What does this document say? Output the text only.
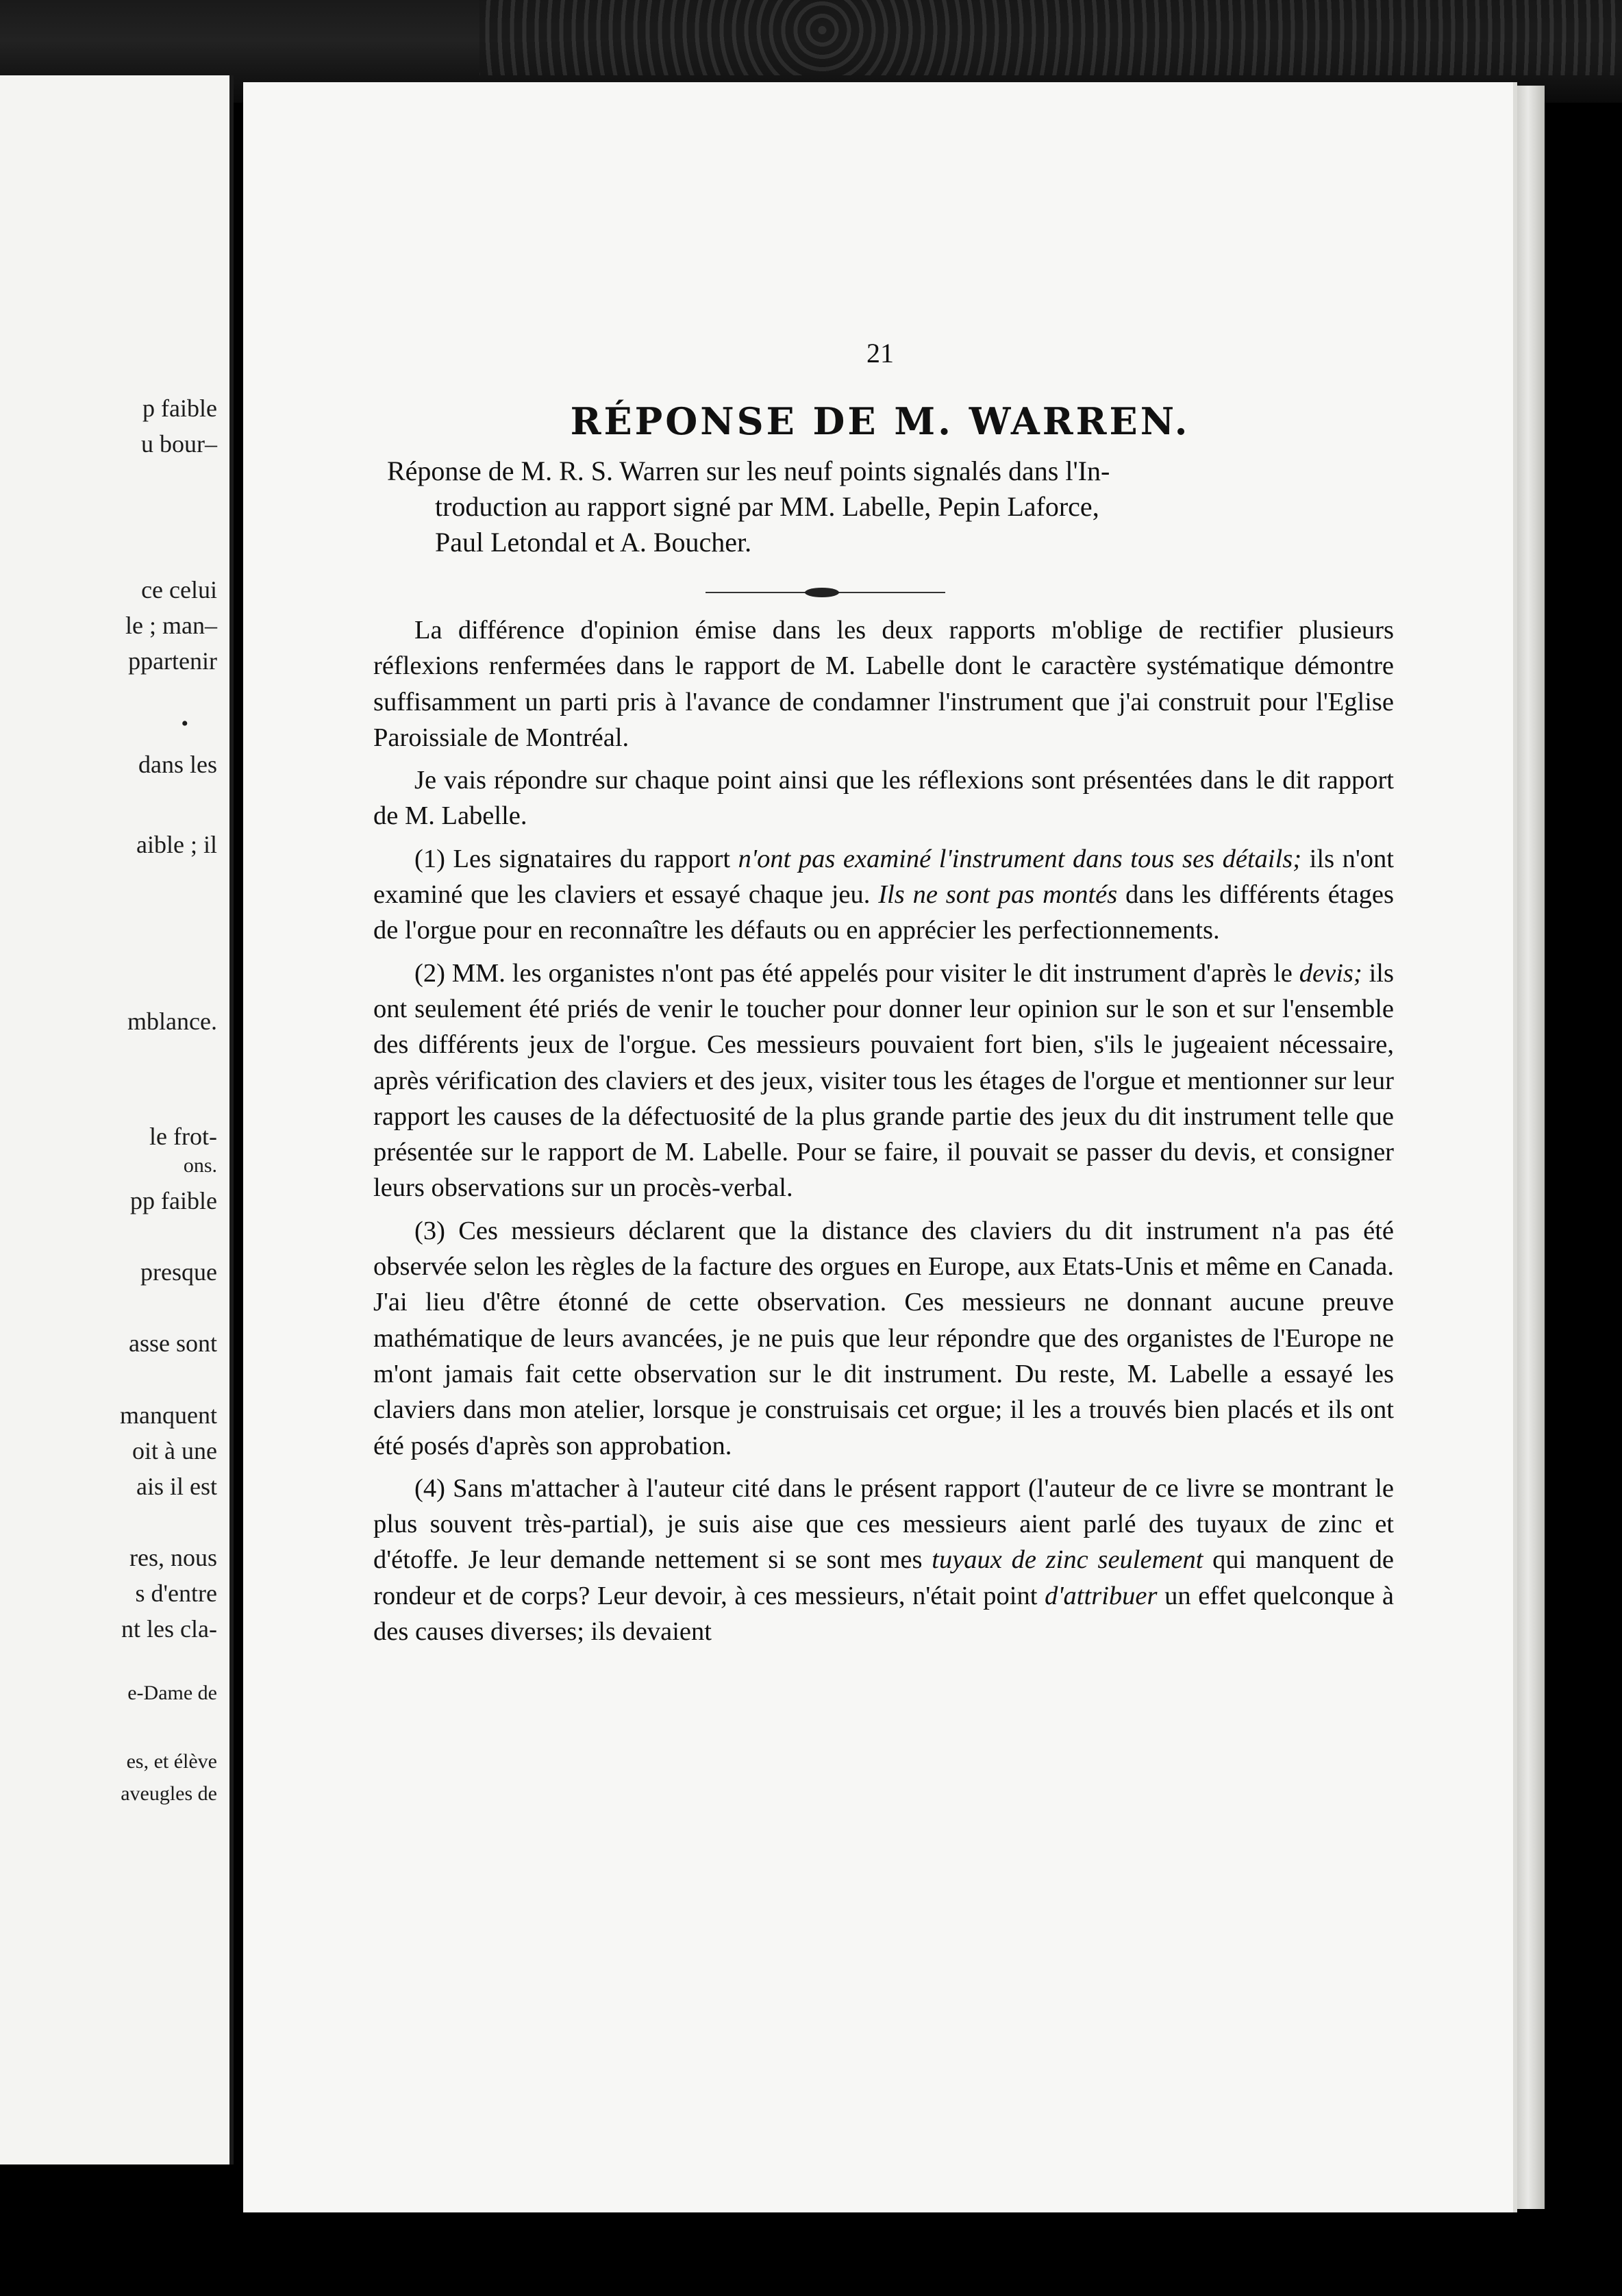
p faible
u bour–
ce celui
le ; man–
ppartenir
•
dans les
aible ; il
mblance.
le frot-
ons.
pp faible
presque
asse sont
manquent
oit à une
ais il est
res, nous
s d'entre
nt les cla-
e-Dame de
es, et élève
aveugles de
21
RÉPONSE DE M. WARREN.
Réponse de M. R. S. Warren sur les neuf points signalés dans l'In-
troduction au rapport signé par MM. Labelle, Pepin Laforce,
Paul Letondal et A. Boucher.

La différence d'opinion émise dans les deux rapports m'oblige de rectifier plusieurs réflexions renfermées dans le rapport de M. Labelle dont le caractère systématique démontre suffisamment un parti pris à l'avance de condamner l'instrument que j'ai construit pour l'Eglise Paroissiale de Montréal.

Je vais répondre sur chaque point ainsi que les réflexions sont présentées dans le dit rapport de M. Labelle.

(1) Les signataires du rapport n'ont pas examiné l'instrument dans tous ses détails; ils n'ont examiné que les claviers et essayé chaque jeu. Ils ne sont pas montés dans les différents étages de l'orgue pour en reconnaître les défauts ou en apprécier les perfectionnements.

(2) MM. les organistes n'ont pas été appelés pour visiter le dit instrument d'après le devis; ils ont seulement été priés de venir le toucher pour donner leur opinion sur le son et sur l'ensemble des différents jeux de l'orgue. Ces messieurs pouvaient fort bien, s'ils le jugeaient nécessaire, après vérification des claviers et des jeux, visiter tous les étages de l'orgue et mentionner sur leur rapport les causes de la défectuosité de la plus grande partie des jeux du dit instrument telle que présentée sur le rapport de M. Labelle. Pour se faire, il pouvait se passer du devis, et consigner leurs observations sur un procès-verbal.

(3) Ces messieurs déclarent que la distance des claviers du dit instrument n'a pas été observée selon les règles de la facture des orgues en Europe, aux Etats-Unis et même en Canada. J'ai lieu d'être étonné de cette observation. Ces messieurs ne donnant aucune preuve mathématique de leurs avancées, je ne puis que leur répondre que des organistes de l'Europe ne m'ont jamais fait cette observation sur le dit instrument. Du reste, M. Labelle a essayé les claviers dans mon atelier, lorsque je construisais cet orgue; il les a trouvés bien placés et ils ont été posés d'après son approbation.

(4) Sans m'attacher à l'auteur cité dans le présent rapport (l'auteur de ce livre se montrant le plus souvent très-partial), je suis aise que ces messieurs aient parlé des tuyaux de zinc et d'étoffe. Je leur demande nettement si se sont mes tuyaux de zinc seulement qui manquent de rondeur et de corps? Leur devoir, à ces messieurs, n'était point d'attribuer un effet quelconque à des causes diverses; ils devaient
